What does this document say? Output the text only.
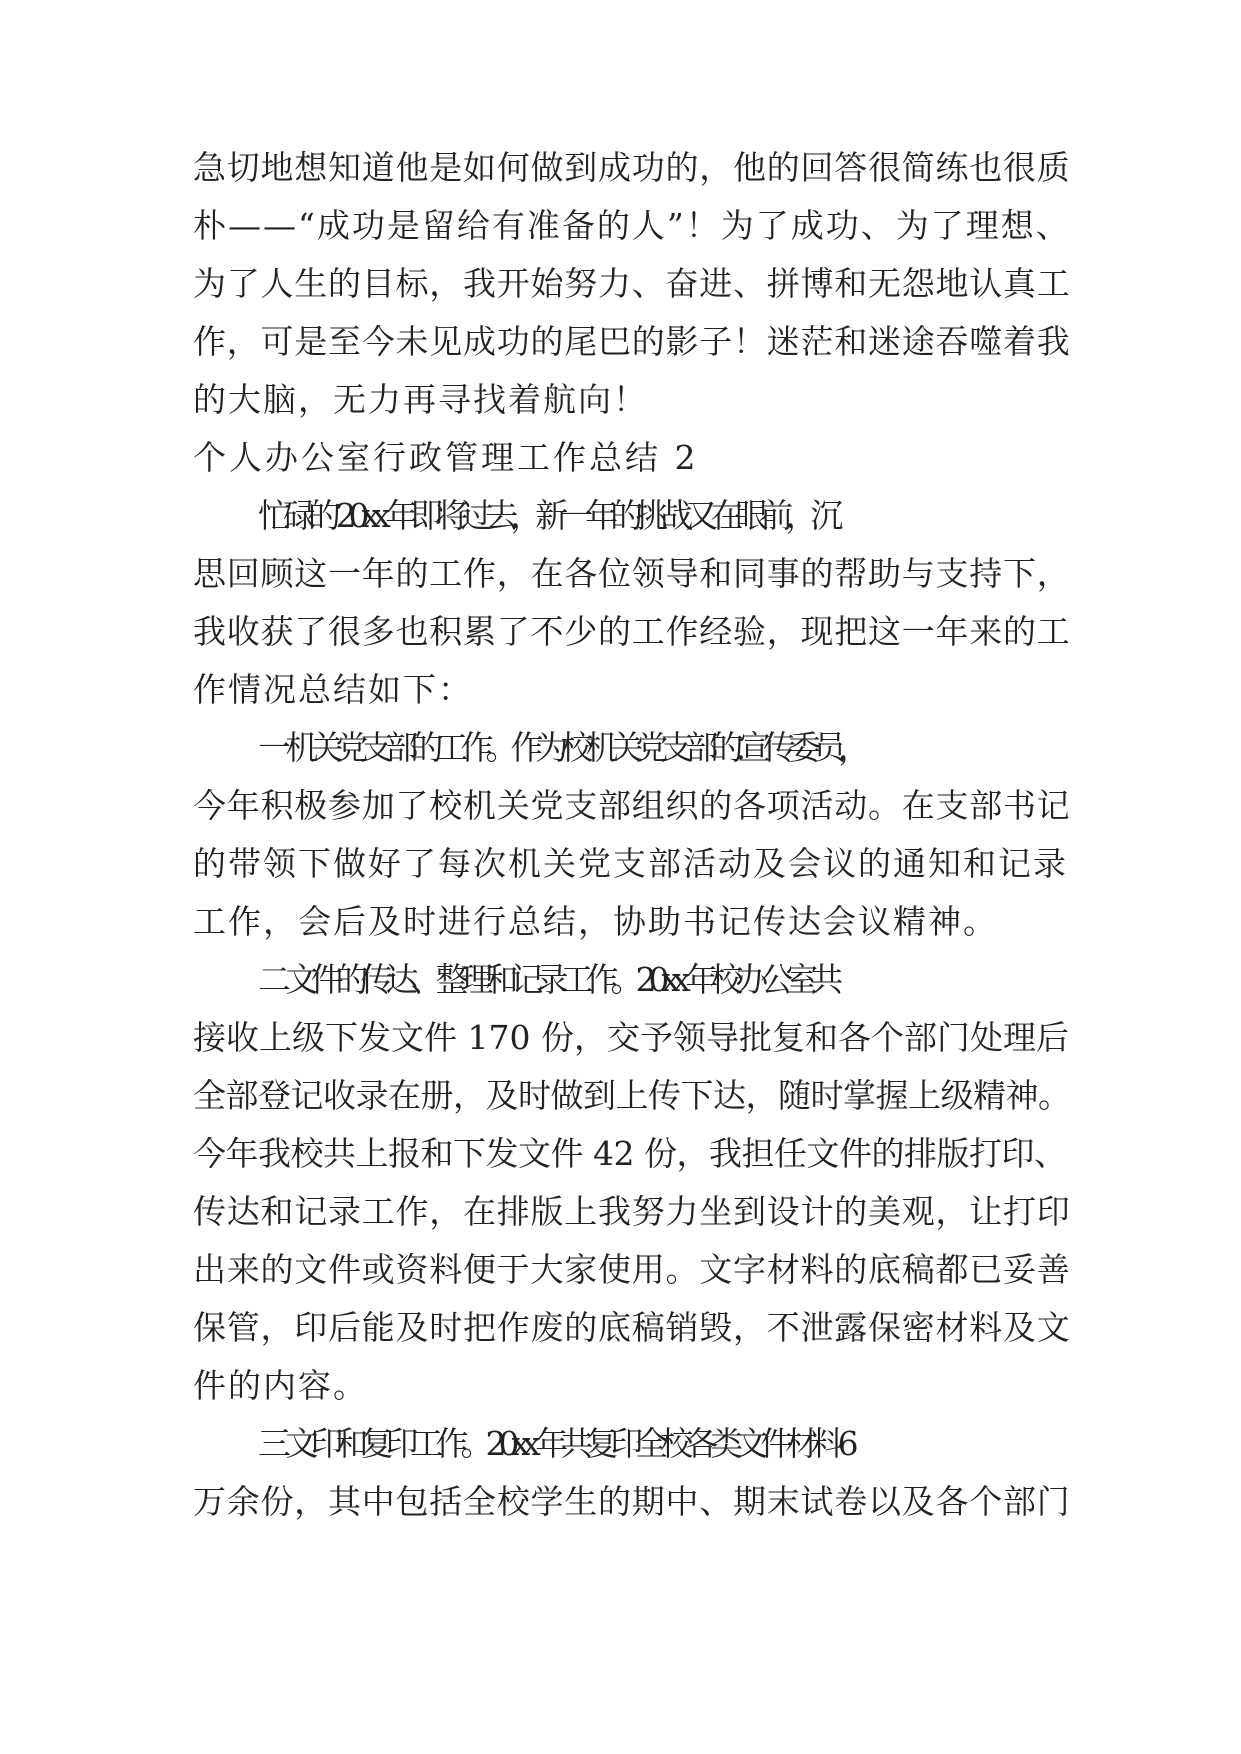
急切地想知道他是如何做到成功的，他的回答很简练也很质
朴——“成功是留给有准备的人”！为了成功、为了理想、
为了人生的目标，我开始努力、奋进、拼博和无怨地认真工
作，可是至今未见成功的尾巴的影子！迷茫和迷途吞噬着我
的大脑，无力再寻找着航向！
个人办公室行政管理工作总结 2
忙碌的 20xx 年即将过去，新一年的挑战又在眼前，沉
思回顾这一年的工作，在各位领导和同事的帮助与支持下，
我收获了很多也积累了不少的工作经验，现把这一年来的工
作情况总结如下：
一 机关党支部的工作。作为校机关党支部的.宣传委员，
今年积极参加了校机关党支部组织的各项活动。在支部书记
的带领下做好了每次机关党支部活动及会议的通知和记录
工作，会后及时进行总结，协助书记传达会议精神。
二 文件的传达、整理和记录工作。20xx 年校办公室共
接收上级下发文件 170 份，交予领导批复和各个部门处理后
全部登记收录在册，及时做到上传下达，随时掌握上级精神。
今年我校共上报和下发文件 42 份，我担任文件的排版打印、
传达和记录工作，在排版上我努力坐到设计的美观，让打印
出来的文件或资料便于大家使用。文字材料的底稿都已妥善
保管，印后能及时把作废的底稿销毁，不泄露保密材料及文
件的内容。
三 文印和复印工作。20xx 年共复印全校各类文件材料 6
万余份，其中包括全校学生的期中、期末试卷以及各个部门
